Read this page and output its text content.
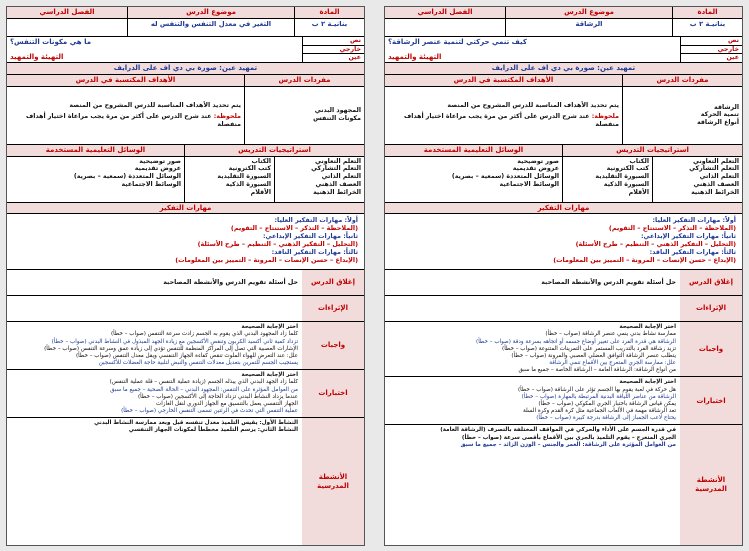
المادة
موضوع الدرس
الفصل الدراسي
بنانيـة ٢ ب
التغير في معدل التنفس والتنفس له
نص
خارجي
عين
ما هي مكونات التنفس؟
التهيئة والتمهيد
تمهيد عين: صورة بي دي اف على الدرايف
مفردات الدرس
الأهداف المكتسبة في الدرس
المجهود البدني
مكونات التنفس
يتم تحديد الأهداف المناسبة للدرس المشروح من المنصة
ملحوظة: عند شرح الدرس على أكثر من مرة يجب مراعاة اختيار أهداف منفصلة
استراتيجيات التدريس
الوسائل التعليمية المستخدمة
التعلم التعاوني
التعلم التشاركي
التعلم الذاتي
العصف الذهني
الخرائط الذهنية
الكتاب
كتب الكترونية
السبورة التقليدية
السبورة الذكية
الأقلام
صور توضيحية
عروض تقديمية
الوسائل المتعددة (سمعية – بصرية)
الوسائط الاجتماعية
مهارات التفكير
أولاً: مهارات التفكير العليا:
(الملاحظة – التذكر – الاستنتاج – التقويم)
ثانياً: مهارات التفكير الإبداعي:
(التحليل – التفكير الذهني – التنظيم – طرح الأسئلة)
ثالثاً: مهارات التفكير الناقد:
(الإبداع – حسن الإنصات – المرونة – التمييز بين المعلومات)
إغلاق الدرس
حل أسئلة تقويم الدرس والأنشطة المصاحبة
الإثراءات
واجبات
اختر الإجابة الصحيحة
كلما زاد المجهود البدني الذي يقوم به الجسم زادت سرعة التنفس (صواب – خطأ)
تزداد كمية ثاني أكسيد الكربون وتنقص الأكسجين مع زيادة الجهد المبذول في النشاط البدني (صواب – خطأ)
الإشارات العصبية التي تصل إلى المراكز المنظمة للتنفس تؤدي إلى زيادة عمق وسرعة التنفس (صواب – خطأ)
علل: عند التعرض للهواء الملوث تنقص كفاءة الجهاز التنفسي ويقل معدل التنفس (صواب – خطأ)
يستجيب الجسم للتمرين بتعديل معدلات التنفس والنبض لتلبية حاجة العضلات للأكسجين
اختبارات
اختر الإجابة الصحيحة
كلما زاد الجهد البدني الذي يبذله الجسم (زيادة عملية التنفس – قلة عملية التنفس)
من العوامل المؤثرة على التنفس: المجهود البدني – الحالة الصحية – جميع ما سبق
عندما يزداد النشاط البدني تزداد الحاجة إلى الأكسجين (صواب – خطأ)
الجهاز التنفسي يعمل بالتنسيق مع الجهاز الدوري لنقل الغازات
عملية التنفس التي تحدث في الرئتين تسمى التنفس الخارجي (صواب – خطأ)
الأنشطة المدرسية
النشاط الأول: يقيس التلميذ معدل تنفسه قبل وبعد ممارسة النشاط البدني
النشاط الثاني: يرسم التلميذ مخططاً لمكونات الجهاز التنفسي
المادة
موضوع الدرس
الفصل الدراسي
بنانيـة ٢ ب
الرشاقة
نص
خارجي
عين
كيف تنمي حركتي لتنمية عنصر الرشاقة؟
التهيئة والتمهيد
تمهيد عين: صورة بي دي اف على الدرايف
مفردات الدرس
الأهداف المكتسبة في الدرس
الرشاقة
تنمية الحركة
أنواع الرشاقة
يتم تحديد الأهداف المناسبة للدرس المشروح من المنصة
ملحوظة: عند شرح الدرس على أكثر من مرة يجب مراعاة اختيار أهداف منفصلة
استراتيجيات التدريس
الوسائل التعليمية المستخدمة
التعلم التعاوني
التعلم التشاركي
التعلم الذاتي
العصف الذهني
الخرائط الذهنية
الكتاب
كتب الكترونية
السبورة التقليدية
السبورة الذكية
الأقلام
صور توضيحية
عروض تقديمية
الوسائل المتعددة (سمعية – بصرية)
الوسائط الاجتماعية
مهارات التفكير
أولاً: مهارات التفكير العليا:
(الملاحظة – التذكر – الاستنتاج – التقويم)
ثانياً: مهارات التفكير الإبداعي:
(التحليل – التفكير الذهني – التنظيم – طرح الأسئلة)
ثالثاً: مهارات التفكير الناقد:
(الإبداع – حسن الإنصات – المرونة – التمييز بين المعلومات)
إغلاق الدرس
حل أسئلة تقويم الدرس والأنشطة المصاحبة
الإثراءات
واجبات
اختر الإجابة الصحيحة
ممارسة نشاط بدني ينمي عنصر الرشاقة (صواب – خطأ)
الرشاقة هي قدرة الفرد على تغيير أوضاع جسمه أو اتجاهه بسرعة ودقة (صواب – خطأ)
تزيد رشاقة الفرد بالتدريب المستمر على التمرينات المتنوعة (صواب – خطأ)
يتطلب عنصر الرشاقة التوافق العضلي العصبي والمرونة (صواب – خطأ)
علل: ممارسة الجري المتعرج بين الأقماع تنمي الرشاقة
من أنواع الرشاقة: الرشاقة العامة – الرشاقة الخاصة – جميع ما سبق
اختبارات
اختر الإجابة الصحيحة
هل حركة في لعبة يقوم بها الجسم تؤثر على الرشاقة (صواب – خطأ)
الرشاقة من عناصر اللياقة البدنية المرتبطة بالمهارة (صواب – خطأ)
يمكن قياس الرشاقة باختبار الجري المكوكي (صواب – خطأ)
تعد الرشاقة مهمة في الألعاب الجماعية مثل كرة القدم وكرة السلة
يحتاج لاعب الجمباز إلى الرشاقة بدرجة كبيرة (صواب – خطأ)
الأنشطة المدرسية
في قدرة الجسم على الأداء والحركي في المواقف المختلفة بالتصرف (الرشاقة العامة)
الجري المتعرج – يقوم التلميذ بالجري بين الأقماع بأقصى سرعة (صواب – خطأ)
من العوامل المؤثرة على الرشاقة: العمر والجنس – الوزن الزائد – جميع ما سبق
